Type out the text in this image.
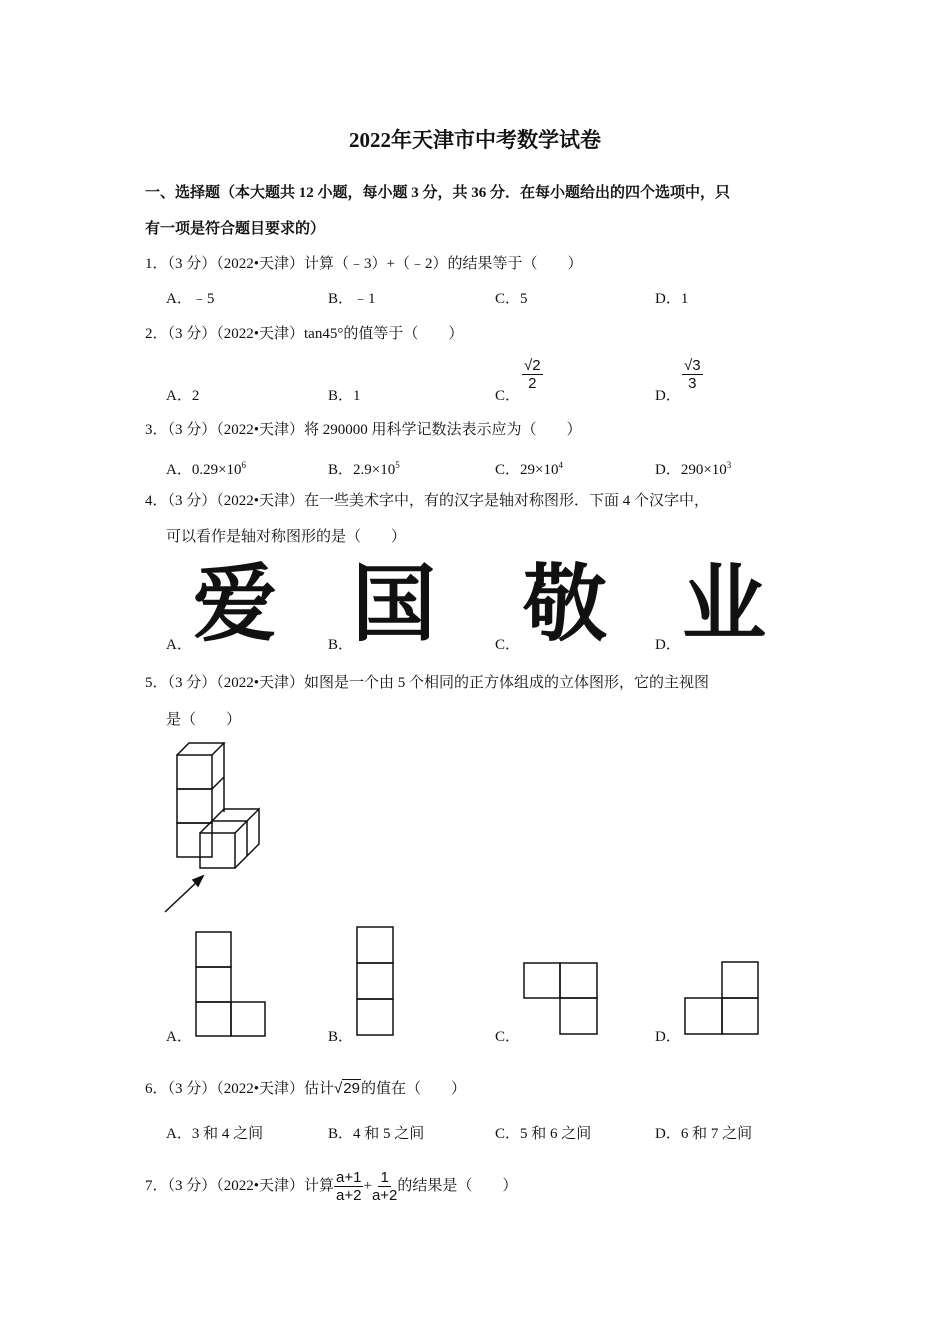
2022年天津市中考数学试卷
一、选择题（本大题共 12 小题，每小题 3 分，共 36 分．在每小题给出的四个选项中，只
有一项是符合题目要求的）
1．（3 分）（2022•天津）计算（﹣3）+（﹣2）的结果等于（　　）
A．﹣5	B．﹣1	C．5	D．1
2．（3 分）（2022•天津）tan45°的值等于（　　）
A．2	B．1	C．
$\frac{√2}{2}$
D．
$\frac{√3}{3}$
3．（3 分）（2022•天津）将 290000 用科学记数法表示应为（　　）
A．$0.29\times 10^6$	B．$2.9\times 10^5$	C．$29\times 10^4$	D．$290\times 10^3$
4．（3 分）（2022•天津）在一些美术字中，有的汉字是轴对称图形．下面 4 个汉字中，
可以看作是轴对称图形的是（　　）
爱 国 敬 业
A．	B．	C．	D．
5．（3 分）（2022•天津）如图是一个由 5 个相同的正方体组成的立体图形，它的主视图
是（　　）
A．	B．	C．	D．
6．（3 分）（2022•天津）估计√29的值在（　　）
A．3 和 4 之间	B．4 和 5 之间	C．5 和 6 之间	D．6 和 7 之间
7．（3 分）（2022•天津）计算 $\frac{a+1}{a+2} + \frac{1}{a+2}$ 的结果是（　　）
